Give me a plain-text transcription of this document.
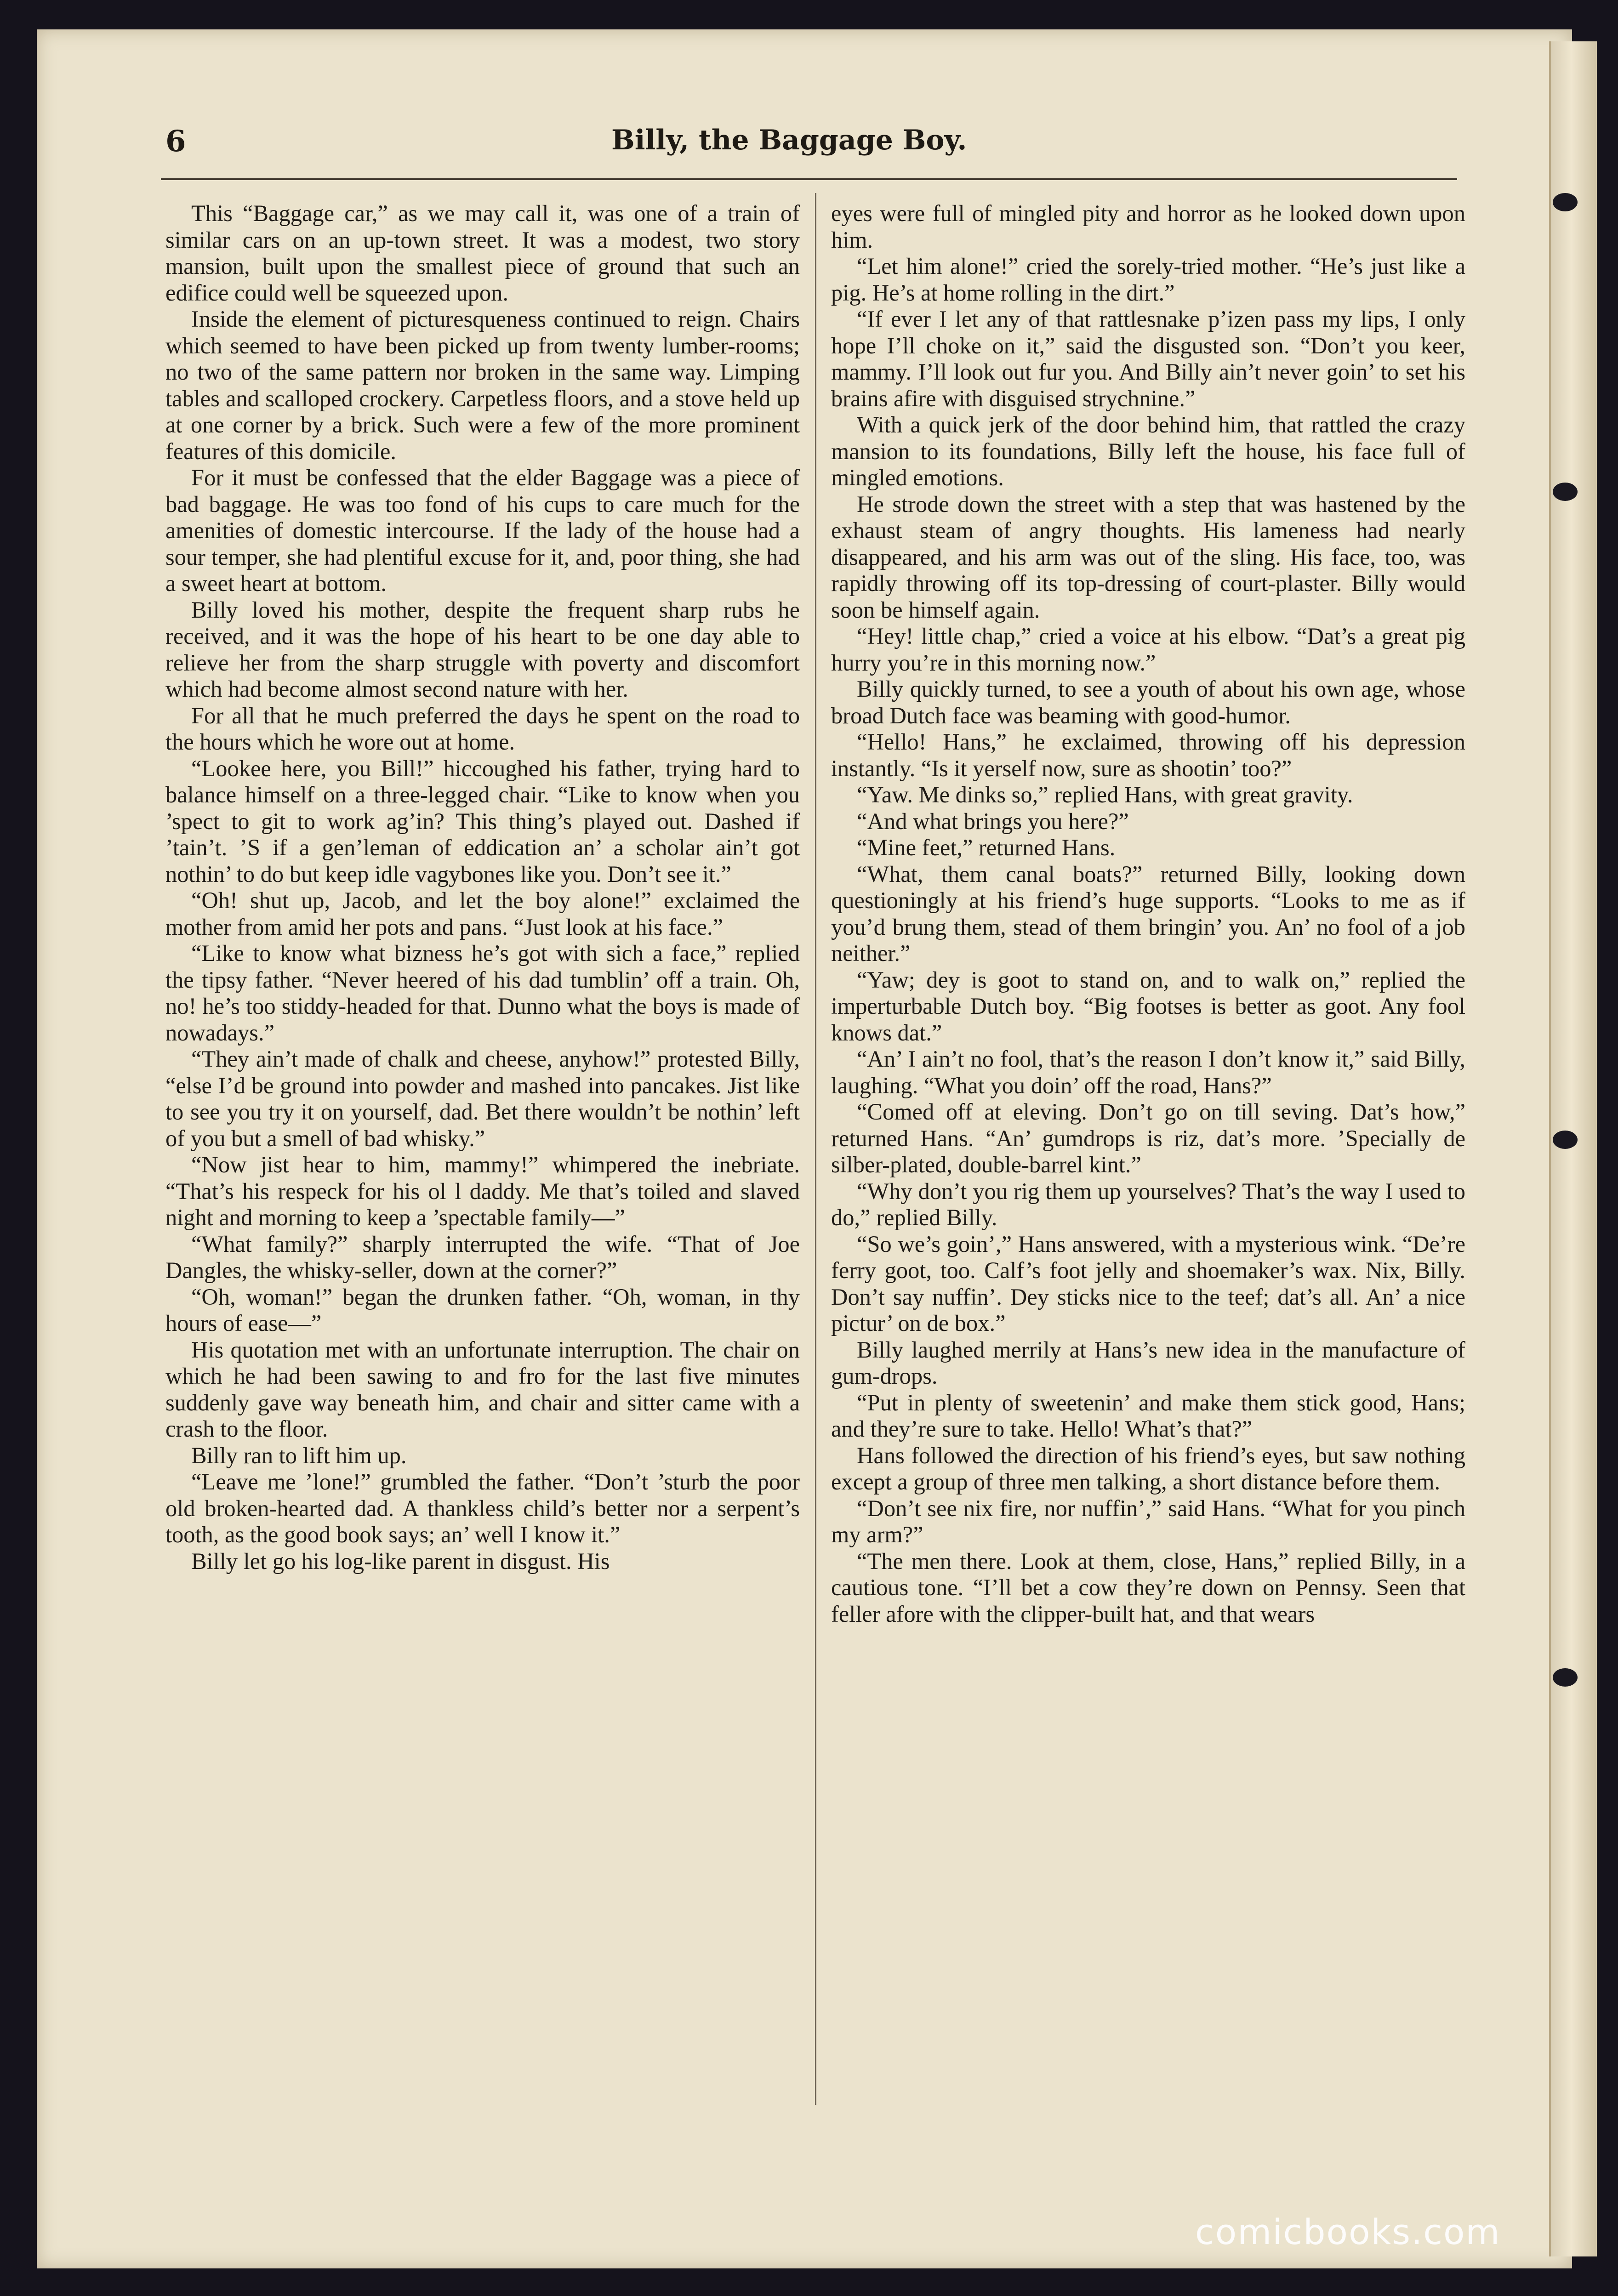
6	Billy, the Baggage Boy.

This “Baggage car,” as we may call it, was one of a train of similar cars on an up-town street. It was a modest, two story mansion, built upon the smallest piece of ground that such an edifice could well be squeezed upon.

Inside the element of picturesqueness continued to reign. Chairs which seemed to have been picked up from twenty lumber-rooms; no two of the same pattern nor broken in the same way. Limping tables and scalloped crockery. Carpetless floors, and a stove held up at one corner by a brick. Such were a few of the more prominent features of this domicile.

For it must be confessed that the elder Baggage was a piece of bad baggage. He was too fond of his cups to care much for the amenities of domestic intercourse. If the lady of the house had a sour temper, she had plentiful excuse for it, and, poor thing, she had a sweet heart at bottom.

Billy loved his mother, despite the frequent sharp rubs he received, and it was the hope of his heart to be one day able to relieve her from the sharp struggle with poverty and discomfort which had become almost second nature with her.

For all that he much preferred the days he spent on the road to the hours which he wore out at home.

“Lookee here, you Bill!” hiccoughed his father, trying hard to balance himself on a three-legged chair. “Like to know when you ’spect to git to work ag’in? This thing’s played out. Dashed if ’tain’t. ’S if a gen’leman of eddication an’ a scholar ain’t got nothin’ to do but keep idle vagybones like you. Don’t see it.”

“Oh! shut up, Jacob, and let the boy alone!” exclaimed the mother from amid her pots and pans. “Just look at his face.”

“Like to know what bizness he’s got with sich a face,” replied the tipsy father. “Never heered of his dad tumblin’ off a train. Oh, no! he’s too stiddy-headed for that. Dunno what the boys is made of nowadays.”

“They ain’t made of chalk and cheese, anyhow!” protested Billy, “else I’d be ground into powder and mashed into pancakes. Jist like to see you try it on yourself, dad. Bet there wouldn’t be nothin’ left of you but a smell of bad whisky.”

“Now jist hear to him, mammy!” whimpered the inebriate. “That’s his respeck for his ol l daddy. Me that’s toiled and slaved night and morning to keep a ’spectable family—”

“What family?” sharply interrupted the wife. “That of Joe Dangles, the whisky-seller, down at the corner?”

“Oh, woman!” began the drunken father. “Oh, woman, in thy hours of ease—”

His quotation met with an unfortunate interruption. The chair on which he had been sawing to and fro for the last five minutes suddenly gave way beneath him, and chair and sitter came with a crash to the floor.

Billy ran to lift him up.

“Leave me ’lone!” grumbled the father. “Don’t ’sturb the poor old broken-hearted dad. A thankless child’s better nor a serpent’s tooth, as the good book says; an’ well I know it.”

Billy let go his log-like parent in disgust. His

eyes were full of mingled pity and horror as he looked down upon him.

“Let him alone!” cried the sorely-tried mother. “He’s just like a pig. He’s at home rolling in the dirt.”

“If ever I let any of that rattlesnake p’izen pass my lips, I only hope I’ll choke on it,” said the disgusted son. “Don’t you keer, mammy. I’ll look out fur you. And Billy ain’t never goin’ to set his brains afire with disguised strychnine.”

With a quick jerk of the door behind him, that rattled the crazy mansion to its foundations, Billy left the house, his face full of mingled emotions.

He strode down the street with a step that was hastened by the exhaust steam of angry thoughts. His lameness had nearly disappeared, and his arm was out of the sling. His face, too, was rapidly throwing off its top-dressing of court-plaster. Billy would soon be himself again.

“Hey! little chap,” cried a voice at his elbow. “Dat’s a great pig hurry you’re in this morning now.”

Billy quickly turned, to see a youth of about his own age, whose broad Dutch face was beaming with good-humor.

“Hello! Hans,” he exclaimed, throwing off his depression instantly. “Is it yerself now, sure as shootin’ too?”

“Yaw. Me dinks so,” replied Hans, with great gravity.

“And what brings you here?”

“Mine feet,” returned Hans.

“What, them canal boats?” returned Billy, looking down questioningly at his friend’s huge supports. “Looks to me as if you’d brung them, stead of them bringin’ you. An’ no fool of a job neither.”

“Yaw; dey is goot to stand on, and to walk on,” replied the imperturbable Dutch boy. “Big footses is better as goot. Any fool knows dat.”

“An’ I ain’t no fool, that’s the reason I don’t know it,” said Billy, laughing. “What you doin’ off the road, Hans?”

“Comed off at eleving. Don’t go on till seving. Dat’s how,” returned Hans. “An’ gumdrops is riz, dat’s more. ’Specially de silber-plated, double-barrel kint.”

“Why don’t you rig them up yourselves? That’s the way I used to do,” replied Billy.

“So we’s goin’,” Hans answered, with a mysterious wink. “De’re ferry goot, too. Calf’s foot jelly and shoemaker’s wax. Nix, Billy. Don’t say nuffin’. Dey sticks nice to the teef; dat’s all. An’ a nice pictur’ on de box.”

Billy laughed merrily at Hans’s new idea in the manufacture of gum-drops.

“Put in plenty of sweetenin’ and make them stick good, Hans; and they’re sure to take. Hello! What’s that?”

Hans followed the direction of his friend’s eyes, but saw nothing except a group of three men talking, a short distance before them.

“Don’t see nix fire, nor nuffin’,” said Hans. “What for you pinch my arm?”

“The men there. Look at them, close, Hans,” replied Billy, in a cautious tone. “I’ll bet a cow they’re down on Pennsy. Seen that feller afore with the clipper-built hat, and that wears

comicbooks.com
